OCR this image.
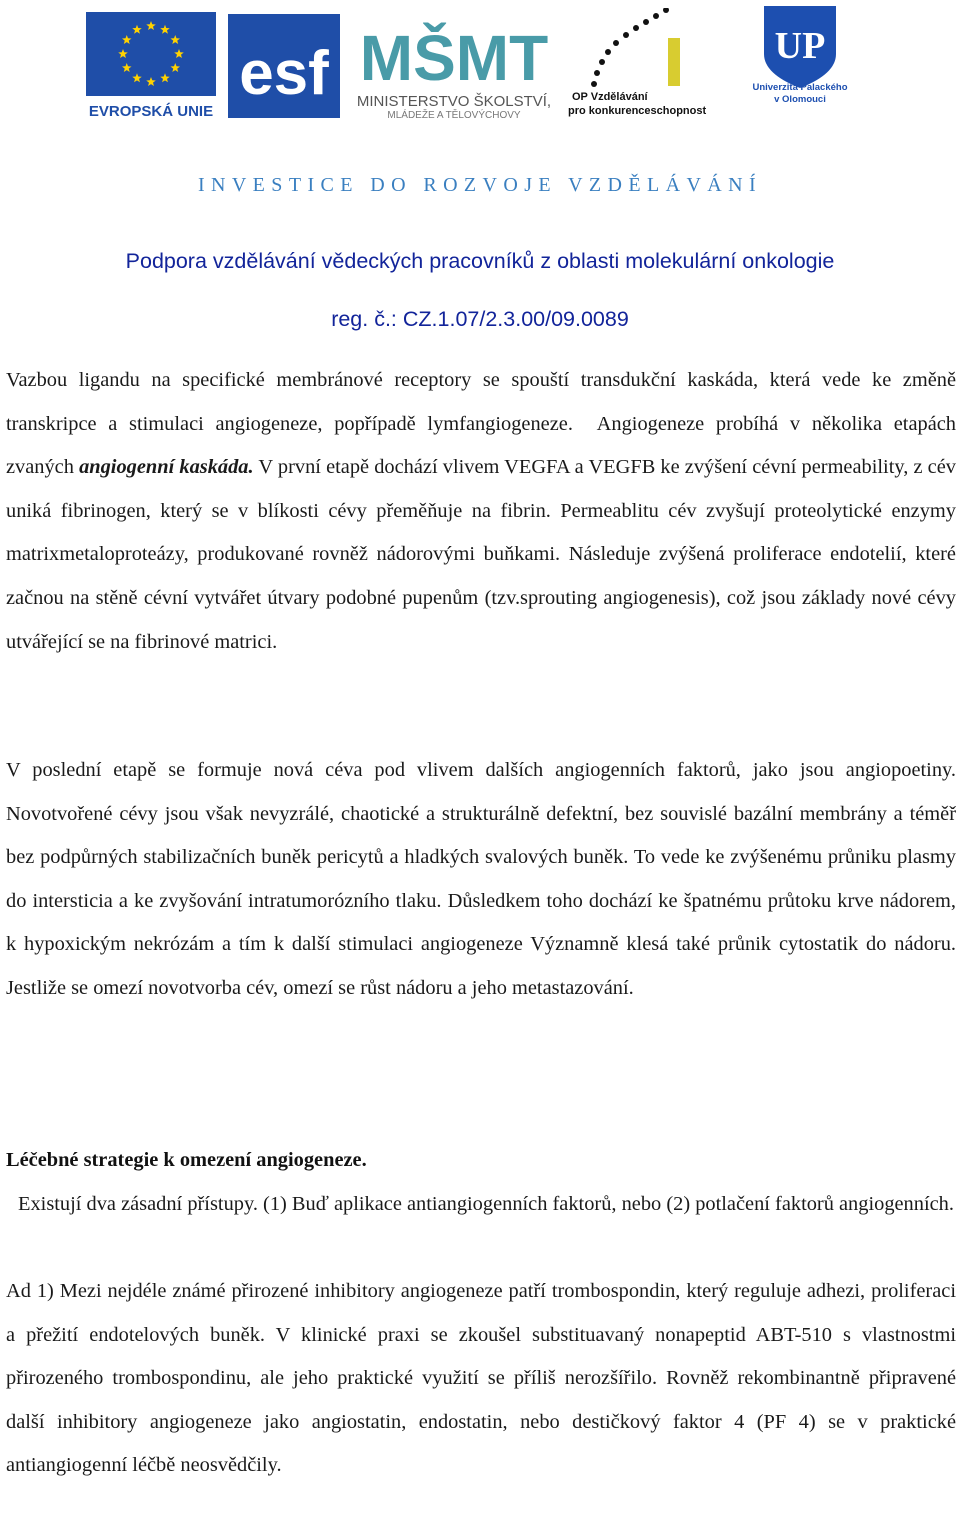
EVROPSKÁ UNIE
esf MŠMT
MINISTERSTVO ŠKOLSTVÍ,
MLÁDEŽE A TĚLOVÝCHOVY
OP Vzdělávání
pro konkurenceschopnost
UP
Univerzita Palackého
v Olomouci
INVESTICE DO ROZVOJE VZDĚLÁVÁNÍ
Podpora vzdělávání vědeckých pracovníků z oblasti molekulární onkologie
reg. č.: CZ.1.07/2.3.00/09.0089
Vazbou ligandu na specifické membránové receptory se spouští transdukční kaskáda, která vede ke změně transkripce a stimulaci angiogeneze, popřípadě lymfangiogeneze. Angiogeneze probíhá v několika etapách zvaných angiogenní kaskáda. V první etapě dochází vlivem VEGFA a VEGFB ke zvýšení cévní permeability, z cév uniká fibrinogen, který se v blíkosti cévy přeměňuje na fibrin. Permeablitu cév zvyšují proteolytické enzymy matrixmetaloproteázy, produkované rovněž nádorovými buňkami. Následuje zvýšená proliferace endotelií, které začnou na stěně cévní vytvářet útvary podobné pupenům (tzv.sprouting angiogenesis), což jsou základy nové cévy utvářející se na fibrinové matrici.
V poslední etapě se formuje nová céva pod vlivem dalších angiogenních faktorů, jako jsou angiopoetiny. Novotvořené cévy jsou však nevyzrálé, chaotické a strukturálně defektní, bez souvislé bazální membrány a téměř bez podpůrných stabilizačních buněk pericytů a hladkých svalových buněk. To vede ke zvýšenému průniku plasmy do intersticia a ke zvyšování intratumorózního tlaku. Důsledkem toho dochází ke špatnému průtoku krve nádorem, k hypoxickým nekrózám a tím k další stimulaci angiogeneze Významně klesá také průnik cytostatik do nádoru. Jestliže se omezí novotvorba cév, omezí se růst nádoru a jeho metastazování.
Léčebné strategie k omezení angiogeneze.
Existují dva zásadní přístupy. (1) Buď aplikace antiangiogenních faktorů, nebo (2) potlačení faktorů angiogenních.
Ad 1) Mezi nejdéle známé přirozené inhibitory angiogeneze patří trombospondin, který reguluje adhezi, proliferaci a přežití endotelových buněk. V klinické praxi se zkoušel substituavaný nonapeptid ABT-510 s vlastnostmi přirozeného trombospondinu, ale jeho praktické využití se příliš nerozšířilo. Rovněž rekombinantně připravené další inhibitory angiogeneze jako angiostatin, endostatin, nebo destičkový faktor 4 (PF 4) se v praktické antiangiogenní léčbě neosvědčily.
